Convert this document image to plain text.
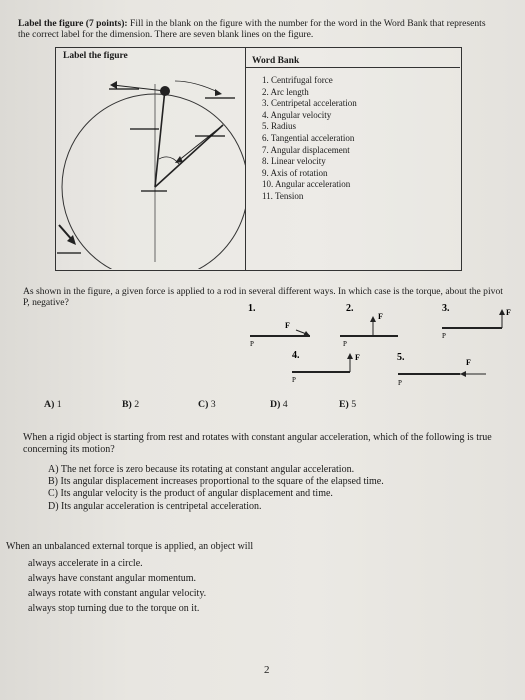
Label the figure (7 points): Fill in the blank on the figure with the number for the word in the Word Bank that represents the correct label for the dimension. There are seven blank lines on the figure.
Label the figure	Word Bank
1. Centrifugal force
2. Arc length
3. Centripetal acceleration
4. Angular velocity
5. Radius
6. Tangential acceleration
7. Angular displacement
8. Linear velocity
9. Axis of rotation
10. Angular acceleration
11. Tension
As shown in the figure, a given force is applied to a rod in several different ways. In which case is the torque, about the pivot P, negative?
1.
F
P
2.
F
P
3.	F
P
4.	F
P
5.	F
P
A) 1	B) 2	C) 3	D) 4	E) 5
When a rigid object is starting from rest and rotates with constant angular acceleration, which of the following is true concerning its motion?
A) The net force is zero because its rotating at constant angular acceleration.
B) Its angular displacement increases proportional to the square of the elapsed time.
C) Its angular velocity is the product of angular displacement and time.
D) Its angular acceleration is centripetal acceleration.
When an unbalanced external torque is applied, an object will
always accelerate in a circle.
always have constant angular momentum.
always rotate with constant angular velocity.
always stop turning due to the torque on it.
2
